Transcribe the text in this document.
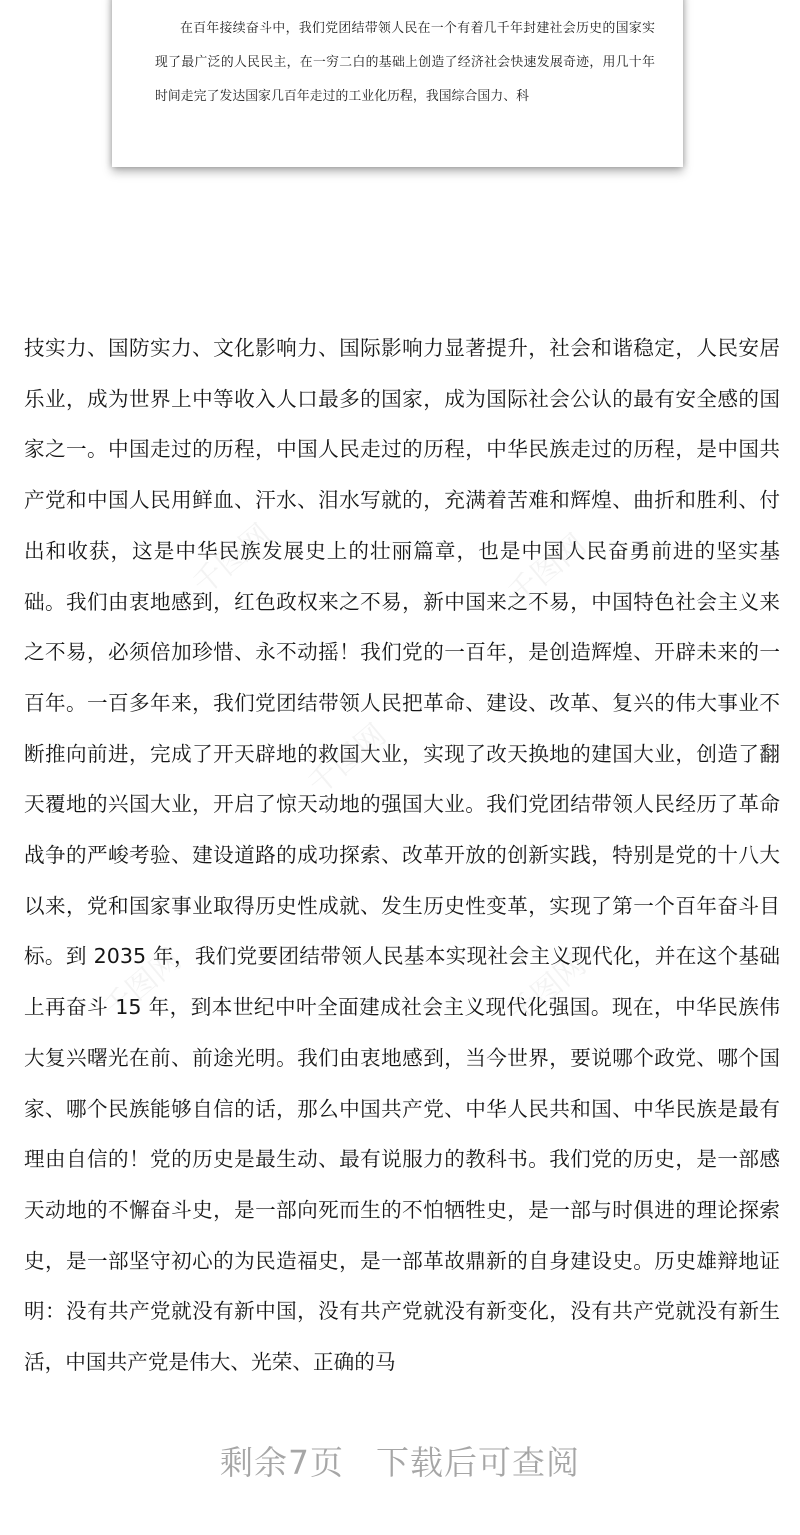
在百年接续奋斗中，我们党团结带领人民在一个有着几千年封建社会历史的国家实现了最广泛的人民民主，在一穷二白的基础上创造了经济社会快速发展奇迹，用几十年时间走完了发达国家几百年走过的工业化历程，我国综合国力、科

千图网	千图网
千图网
千图网	千图网

技实力、国防实力、文化影响力、国际影响力显著提升，社会和谐稳定，人民安居乐业，成为世界上中等收入人口最多的国家，成为国际社会公认的最有安全感的国家之一。中国走过的历程，中国人民走过的历程，中华民族走过的历程，是中国共产党和中国人民用鲜血、汗水、泪水写就的，充满着苦难和辉煌、曲折和胜利、付出和收获，这是中华民族发展史上的壮丽篇章，也是中国人民奋勇前进的坚实基础。我们由衷地感到，红色政权来之不易，新中国来之不易，中国特色社会主义来之不易，必须倍加珍惜、永不动摇！我们党的一百年，是创造辉煌、开辟未来的一百年。一百多年来，我们党团结带领人民把革命、建设、改革、复兴的伟大事业不断推向前进，完成了开天辟地的救国大业，实现了改天换地的建国大业，创造了翻天覆地的兴国大业，开启了惊天动地的强国大业。我们党团结带领人民经历了革命战争的严峻考验、建设道路的成功探索、改革开放的创新实践，特别是党的十八大以来，党和国家事业取得历史性成就、发生历史性变革，实现了第一个百年奋斗目标。到 2035 年，我们党要团结带领人民基本实现社会主义现代化，并在这个基础上再奋斗 15 年，到本世纪中叶全面建成社会主义现代化强国。现在，中华民族伟大复兴曙光在前、前途光明。我们由衷地感到，当今世界，要说哪个政党、哪个国家、哪个民族能够自信的话，那么中国共产党、中华人民共和国、中华民族是最有理由自信的！党的历史是最生动、最有说服力的教科书。我们党的历史，是一部感天动地的不懈奋斗史，是一部向死而生的不怕牺牲史，是一部与时俱进的理论探索史，是一部坚守初心的为民造福史，是一部革故鼎新的自身建设史。历史雄辩地证明：没有共产党就没有新中国，没有共产党就没有新变化，没有共产党就没有新生活，中国共产党是伟大、光荣、正确的马

剩余7页 下载后可查阅
